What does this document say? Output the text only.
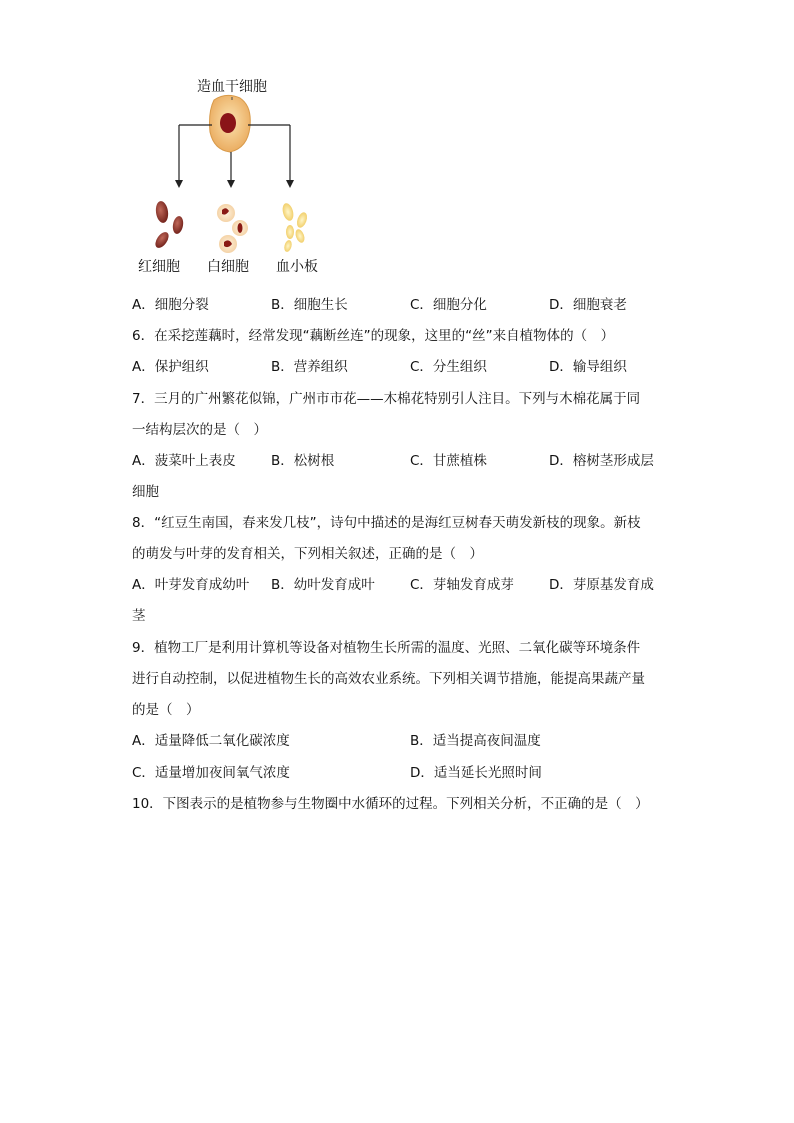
造血干细胞
红细胞 白细胞 血小板
A．细胞分裂	B．细胞生长	C．细胞分化	D．细胞衰老
6．在采挖莲藕时，经常发现“藕断丝连”的现象，这里的“丝”来自植物体的（　）
A．保护组织	B．营养组织	C．分生组织	D．输导组织
7．三月的广州繁花似锦，广州市市花——木棉花特别引人注目。下列与木棉花属于同
一结构层次的是（　）
A．菠菜叶上表皮	B．松树根	C．甘蔗植株	D．榕树茎形成层
细胞
8．“红豆生南国，春来发几枝”，诗句中描述的是海红豆树春天萌发新枝的现象。新枝
的萌发与叶芽的发育相关，下列相关叙述，正确的是（　）
A．叶芽发育成幼叶 B．幼叶发育成叶	C．芽轴发育成芽	D．芽原基发育成
茎
9．植物工厂是利用计算机等设备对植物生长所需的温度、光照、二氧化碳等环境条件
进行自动控制，以促进植物生长的高效农业系统。下列相关调节措施，能提高果蔬产量
的是（　）
A．适量降低二氧化碳浓度	B．适当提高夜间温度
C．适量增加夜间氧气浓度	D．适当延长光照时间
10．下图表示的是植物参与生物圈中水循环的过程。下列相关分析，不正确的是（　）
